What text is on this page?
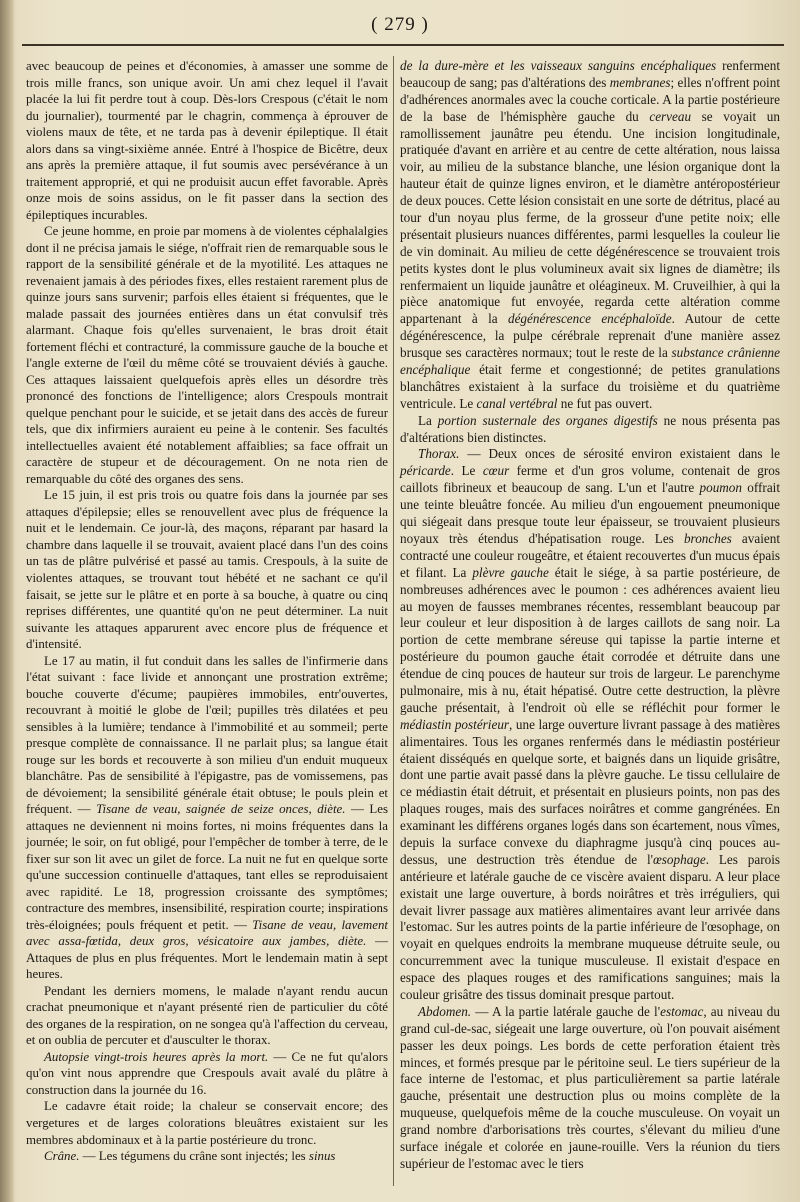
( 279 )

avec beaucoup de peines et d'économies, à amasser une somme de trois mille francs, son unique avoir. Un ami chez lequel il l'avait placée la lui fit perdre tout à coup. Dès-lors Crespous (c'était le nom du journalier), tourmenté par le chagrin, commença à éprouver de violens maux de tête, et ne tarda pas à devenir épileptique. Il était alors dans sa vingt-sixième année. Entré à l'hospice de Bicêtre, deux ans après la première attaque, il fut soumis avec persévérance à un traitement approprié, et qui ne produisit aucun effet favorable. Après onze mois de soins assidus, on le fit passer dans la section des épileptiques incurables.

Ce jeune homme, en proie par momens à de violentes céphalalgies dont il ne précisa jamais le siége, n'offrait rien de remarquable sous le rapport de la sensibilité générale et de la myotilité. Les attaques ne revenaient jamais à des périodes fixes, elles restaient rarement plus de quinze jours sans survenir; parfois elles étaient si fréquentes, que le malade passait des journées entières dans un état convulsif très alarmant. Chaque fois qu'elles survenaient, le bras droit était fortement fléchi et contracturé, la commissure gauche de la bouche et l'angle externe de l'œil du même côté se trouvaient déviés à gauche. Ces attaques laissaient quelquefois après elles un désordre très prononcé des fonctions de l'intelligence; alors Crespouls montrait quelque penchant pour le suicide, et se jetait dans des accès de fureur tels, que dix infirmiers auraient eu peine à le contenir. Ses facultés intellectuelles avaient été notablement affaiblies; sa face offrait un caractère de stupeur et de découragement. On ne nota rien de remarquable du côté des organes des sens.

Le 15 juin, il est pris trois ou quatre fois dans la journée par ses attaques d'épilepsie; elles se renouvellent avec plus de fréquence la nuit et le lendemain. Ce jour-là, des maçons, réparant par hasard la chambre dans laquelle il se trouvait, avaient placé dans l'un des coins un tas de plâtre pulvérisé et passé au tamis. Crespouls, à la suite de violentes attaques, se trouvant tout hébété et ne sachant ce qu'il faisait, se jette sur le plâtre et en porte à sa bouche, à quatre ou cinq reprises différentes, une quantité qu'on ne peut déterminer. La nuit suivante les attaques apparurent avec encore plus de fréquence et d'intensité.

Le 17 au matin, il fut conduit dans les salles de l'infirmerie dans l'état suivant : face livide et annonçant une prostration extrême; bouche couverte d'écume; paupières immobiles, entr'ouvertes, recouvrant à moitié le globe de l'œil; pupilles très dilatées et peu sensibles à la lumière; tendance à l'immobilité et au sommeil; perte presque complète de connaissance. Il ne parlait plus; sa langue était rouge sur les bords et recouverte à son milieu d'un enduit muqueux blanchâtre. Pas de sensibilité à l'épigastre, pas de vomissemens, pas de dévoiement; la sensibilité générale était obtuse; le pouls plein et fréquent. — Tisane de veau, saignée de seize onces, diète. — Les attaques ne deviennent ni moins fortes, ni moins fréquentes dans la journée; le soir, on fut obligé, pour l'empêcher de tomber à terre, de le fixer sur son lit avec un gilet de force. La nuit ne fut en quelque sorte qu'une succession continuelle d'attaques, tant elles se reproduisaient avec rapidité. Le 18, progression croissante des symptômes; contracture des membres, insensibilité, respiration courte; inspirations très-éloignées; pouls fréquent et petit. — Tisane de veau, lavement avec assa-fœtida, deux gros, vésicatoire aux jambes, diète. — Attaques de plus en plus fréquentes. Mort le lendemain matin à sept heures.

Pendant les derniers momens, le malade n'ayant rendu aucun crachat pneumonique et n'ayant présenté rien de particulier du côté des organes de la respiration, on ne songea qu'à l'affection du cerveau, et on oublia de percuter et d'ausculter le thorax.

Autopsie vingt-trois heures après la mort. — Ce ne fut qu'alors qu'on vint nous apprendre que Crespouls avait avalé du plâtre à construction dans la journée du 16.

Le cadavre était roide; la chaleur se conservait encore; des vergetures et de larges colorations bleuâtres existaient sur les membres abdominaux et à la partie postérieure du tronc.

Crâne. — Les tégumens du crâne sont injectés; les sinus

de la dure-mère et les vaisseaux sanguins encéphaliques renferment beaucoup de sang; pas d'altérations des membranes; elles n'offrent point d'adhérences anormales avec la couche corticale. A la partie postérieure de la base de l'hémisphère gauche du cerveau se voyait un ramollissement jaunâtre peu étendu. Une incision longitudinale, pratiquée d'avant en arrière et au centre de cette altération, nous laissa voir, au milieu de la substance blanche, une lésion organique dont la hauteur était de quinze lignes environ, et le diamètre antéropostérieur de deux pouces. Cette lésion consistait en une sorte de détritus, placé au tour d'un noyau plus ferme, de la grosseur d'une petite noix; elle présentait plusieurs nuances différentes, parmi lesquelles la couleur lie de vin dominait. Au milieu de cette dégénérescence se trouvaient trois petits kystes dont le plus volumineux avait six lignes de diamètre; ils renfermaient un liquide jaunâtre et oléagineux. M. Cruveilhier, à qui la pièce anatomique fut envoyée, regarda cette altération comme appartenant à la dégénérescence encéphaloïde. Autour de cette dégénérescence, la pulpe cérébrale reprenait d'une manière assez brusque ses caractères normaux; tout le reste de la substance crânienne encéphalique était ferme et congestionné; de petites granulations blanchâtres existaient à la surface du troisième et du quatrième ventricule. Le canal vertébral ne fut pas ouvert.

La portion susternale des organes digestifs ne nous présenta pas d'altérations bien distinctes.

Thorax. — Deux onces de sérosité environ existaient dans le péricarde. Le cœur ferme et d'un gros volume, contenait de gros caillots fibrineux et beaucoup de sang. L'un et l'autre poumon offrait une teinte bleuâtre foncée. Au milieu d'un engouement pneumonique qui siégeait dans presque toute leur épaisseur, se trouvaient plusieurs noyaux très étendus d'hépatisation rouge. Les bronches avaient contracté une couleur rougeâtre, et étaient recouvertes d'un mucus épais et filant. La plèvre gauche était le siége, à sa partie postérieure, de nombreuses adhérences avec le poumon : ces adhérences avaient lieu au moyen de fausses membranes récentes, ressemblant beaucoup par leur couleur et leur disposition à de larges caillots de sang noir. La portion de cette membrane séreuse qui tapisse la partie interne et postérieure du poumon gauche était corrodée et détruite dans une étendue de cinq pouces de hauteur sur trois de largeur. Le parenchyme pulmonaire, mis à nu, était hépatisé. Outre cette destruction, la plèvre gauche présentait, à l'endroit où elle se réfléchit pour former le médiastin postérieur, une large ouverture livrant passage à des matières alimentaires. Tous les organes renfermés dans le médiastin postérieur étaient disséqués en quelque sorte, et baignés dans un liquide grisâtre, dont une partie avait passé dans la plèvre gauche. Le tissu cellulaire de ce médiastin était détruit, et présentait en plusieurs points, non pas des plaques rouges, mais des surfaces noirâtres et comme gangrénées. En examinant les différens organes logés dans son écartement, nous vîmes, depuis la surface convexe du diaphragme jusqu'à cinq pouces au-dessus, une destruction très étendue de l'œsophage. Les parois antérieure et latérale gauche de ce viscère avaient disparu. A leur place existait une large ouverture, à bords noirâtres et très irréguliers, qui devait livrer passage aux matières alimentaires avant leur arrivée dans l'estomac. Sur les autres points de la partie inférieure de l'œsophage, on voyait en quelques endroits la membrane muqueuse détruite seule, ou concurremment avec la tunique musculeuse. Il existait d'espace en espace des plaques rouges et des ramifications sanguines; mais la couleur grisâtre des tissus dominait presque partout.

Abdomen. — A la partie latérale gauche de l'estomac, au niveau du grand cul-de-sac, siégeait une large ouverture, où l'on pouvait aisément passer les deux poings. Les bords de cette perforation étaient très minces, et formés presque par le péritoine seul. Le tiers supérieur de la face interne de l'estomac, et plus particulièrement sa partie latérale gauche, présentait une destruction plus ou moins complète de la muqueuse, quelquefois même de la couche musculeuse. On voyait un grand nombre d'arborisations très courtes, s'élevant du milieu d'une surface inégale et colorée en jaune-rouille. Vers la réunion du tiers supérieur de l'estomac avec le tiers
